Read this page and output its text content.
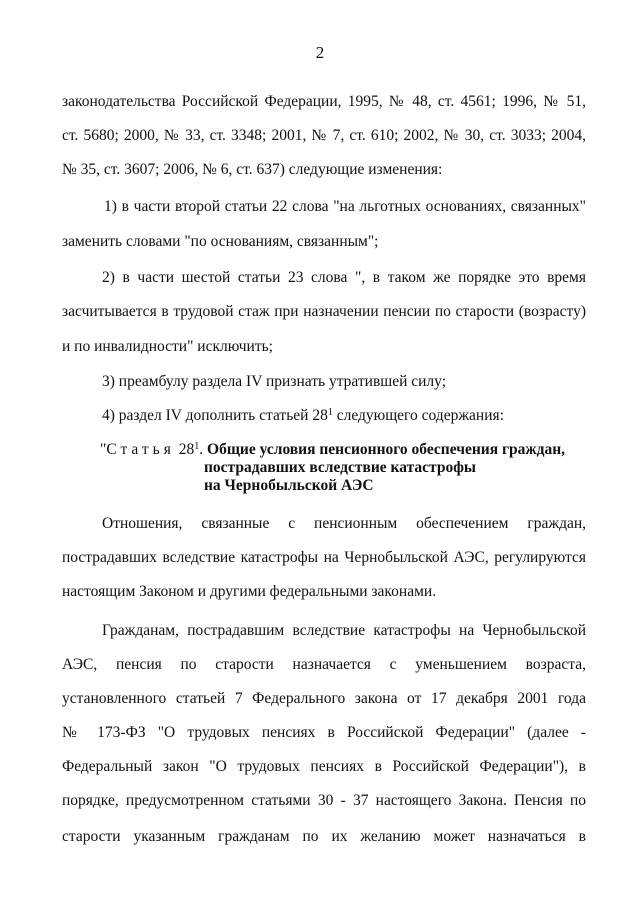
2
законодательства Российской Федерации, 1995, № 48, ст. 4561; 1996, № 51,
ст. 5680; 2000, № 33, ст. 3348; 2001, № 7, ст. 610; 2002, № 30, ст. 3033; 2004,
№ 35, ст. 3607; 2006, № 6, ст. 637) следующие изменения:
1) в части второй статьи 22 слова "на льготных основаниях, связанных"
заменить словами "по основаниям, связанным";
2) в части шестой статьи 23 слова ", в таком же порядке это время
засчитывается в трудовой стаж при назначении пенсии по старости (возрасту)
и по инвалидности" исключить;
3) преамбулу раздела IV признать утратившей силу;
4) раздел IV дополнить статьей $28^1$ следующего содержания:
"Статья $28^1$. Общие условия пенсионного обеспечения граждан,
пострадавших вследствие катастрофы
на Чернобыльской АЭС
Отношения, связанные с пенсионным обеспечением граждан,
пострадавших вследствие катастрофы на Чернобыльской АЭС, регулируются
настоящим Законом и другими федеральными законами.
Гражданам, пострадавшим вследствие катастрофы на Чернобыльской
АЭС, пенсия по старости назначается с уменьшением возраста,
установленного статьей 7 Федерального закона от 17 декабря 2001 года
№ 173-ФЗ "О трудовых пенсиях в Российской Федерации" (далее -
Федеральный закон "О трудовых пенсиях в Российской Федерации"), в
порядке, предусмотренном статьями 30 - 37 настоящего Закона. Пенсия по
старости указанным гражданам по их желанию может назначаться в
